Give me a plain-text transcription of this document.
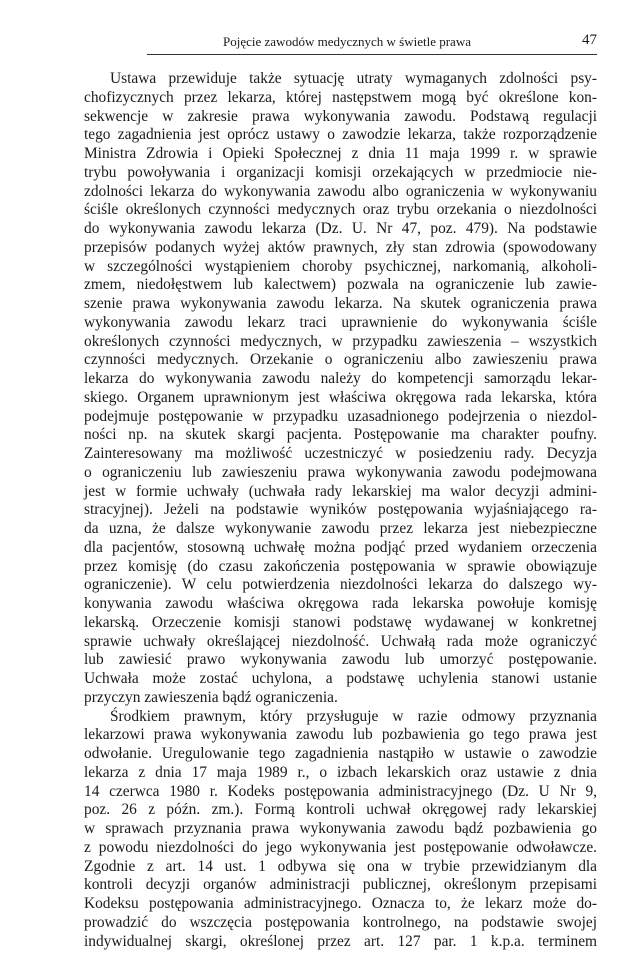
Pojęcie zawodów medycznych w świetle prawa	47
Ustawa przewiduje także sytuację utraty wymaganych zdolności psy-
chofizycznych przez lekarza, której następstwem mogą być określone kon-
sekwencje w zakresie prawa wykonywania zawodu. Podstawą regulacji
tego zagadnienia jest oprócz ustawy o zawodzie lekarza, także rozporządzenie
Ministra Zdrowia i Opieki Społecznej z dnia 11 maja 1999 r. w sprawie
trybu powoływania i organizacji komisji orzekających w przedmiocie nie-
zdolności lekarza do wykonywania zawodu albo ograniczenia w wykonywaniu
ściśle określonych czynności medycznych oraz trybu orzekania o niezdolności
do wykonywania zawodu lekarza (Dz. U. Nr 47, poz. 479). Na podstawie
przepisów podanych wyżej aktów prawnych, zły stan zdrowia (spowodowany
w szczególności wystąpieniem choroby psychicznej, narkomanią, alkoholi-
zmem, niedołęstwem lub kalectwem) pozwala na ograniczenie lub zawie-
szenie prawa wykonywania zawodu lekarza. Na skutek ograniczenia prawa
wykonywania zawodu lekarz traci uprawnienie do wykonywania ściśle
określonych czynności medycznych, w przypadku zawieszenia – wszystkich
czynności medycznych. Orzekanie o ograniczeniu albo zawieszeniu prawa
lekarza do wykonywania zawodu należy do kompetencji samorządu lekar-
skiego. Organem uprawnionym jest właściwa okręgowa rada lekarska, która
podejmuje postępowanie w przypadku uzasadnionego podejrzenia o niezdol-
ności np. na skutek skargi pacjenta. Postępowanie ma charakter poufny.
Zainteresowany ma możliwość uczestniczyć w posiedzeniu rady. Decyzja
o ograniczeniu lub zawieszeniu prawa wykonywania zawodu podejmowana
jest w formie uchwały (uchwała rady lekarskiej ma walor decyzji admini-
stracyjnej). Jeżeli na podstawie wyników postępowania wyjaśniającego ra-
da uzna, że dalsze wykonywanie zawodu przez lekarza jest niebezpieczne
dla pacjentów, stosowną uchwałę można podjąć przed wydaniem orzeczenia
przez komisję (do czasu zakończenia postępowania w sprawie obowiązuje
ograniczenie). W celu potwierdzenia niezdolności lekarza do dalszego wy-
konywania zawodu właściwa okręgowa rada lekarska powołuje komisję
lekarską. Orzeczenie komisji stanowi podstawę wydawanej w konkretnej
sprawie uchwały określającej niezdolność. Uchwałą rada może ograniczyć
lub zawiesić prawo wykonywania zawodu lub umorzyć postępowanie.
Uchwała może zostać uchylona, a podstawę uchylenia stanowi ustanie
przyczyn zawieszenia bądź ograniczenia.
Środkiem prawnym, który przysługuje w razie odmowy przyznania
lekarzowi prawa wykonywania zawodu lub pozbawienia go tego prawa jest
odwołanie. Uregulowanie tego zagadnienia nastąpiło w ustawie o zawodzie
lekarza z dnia 17 maja 1989 r., o izbach lekarskich oraz ustawie z dnia
14 czerwca 1980 r. Kodeks postępowania administracyjnego (Dz. U Nr 9,
poz. 26 z późn. zm.). Formą kontroli uchwał okręgowej rady lekarskiej
w sprawach przyznania prawa wykonywania zawodu bądź pozbawienia go
z powodu niezdolności do jego wykonywania jest postępowanie odwoławcze.
Zgodnie z art. 14 ust. 1 odbywa się ona w trybie przewidzianym dla
kontroli decyzji organów administracji publicznej, określonym przepisami
Kodeksu postępowania administracyjnego. Oznacza to, że lekarz może do-
prowadzić do wszczęcia postępowania kontrolnego, na podstawie swojej
indywidualnej skargi, określonej przez art. 127 par. 1 k.p.a. terminem
